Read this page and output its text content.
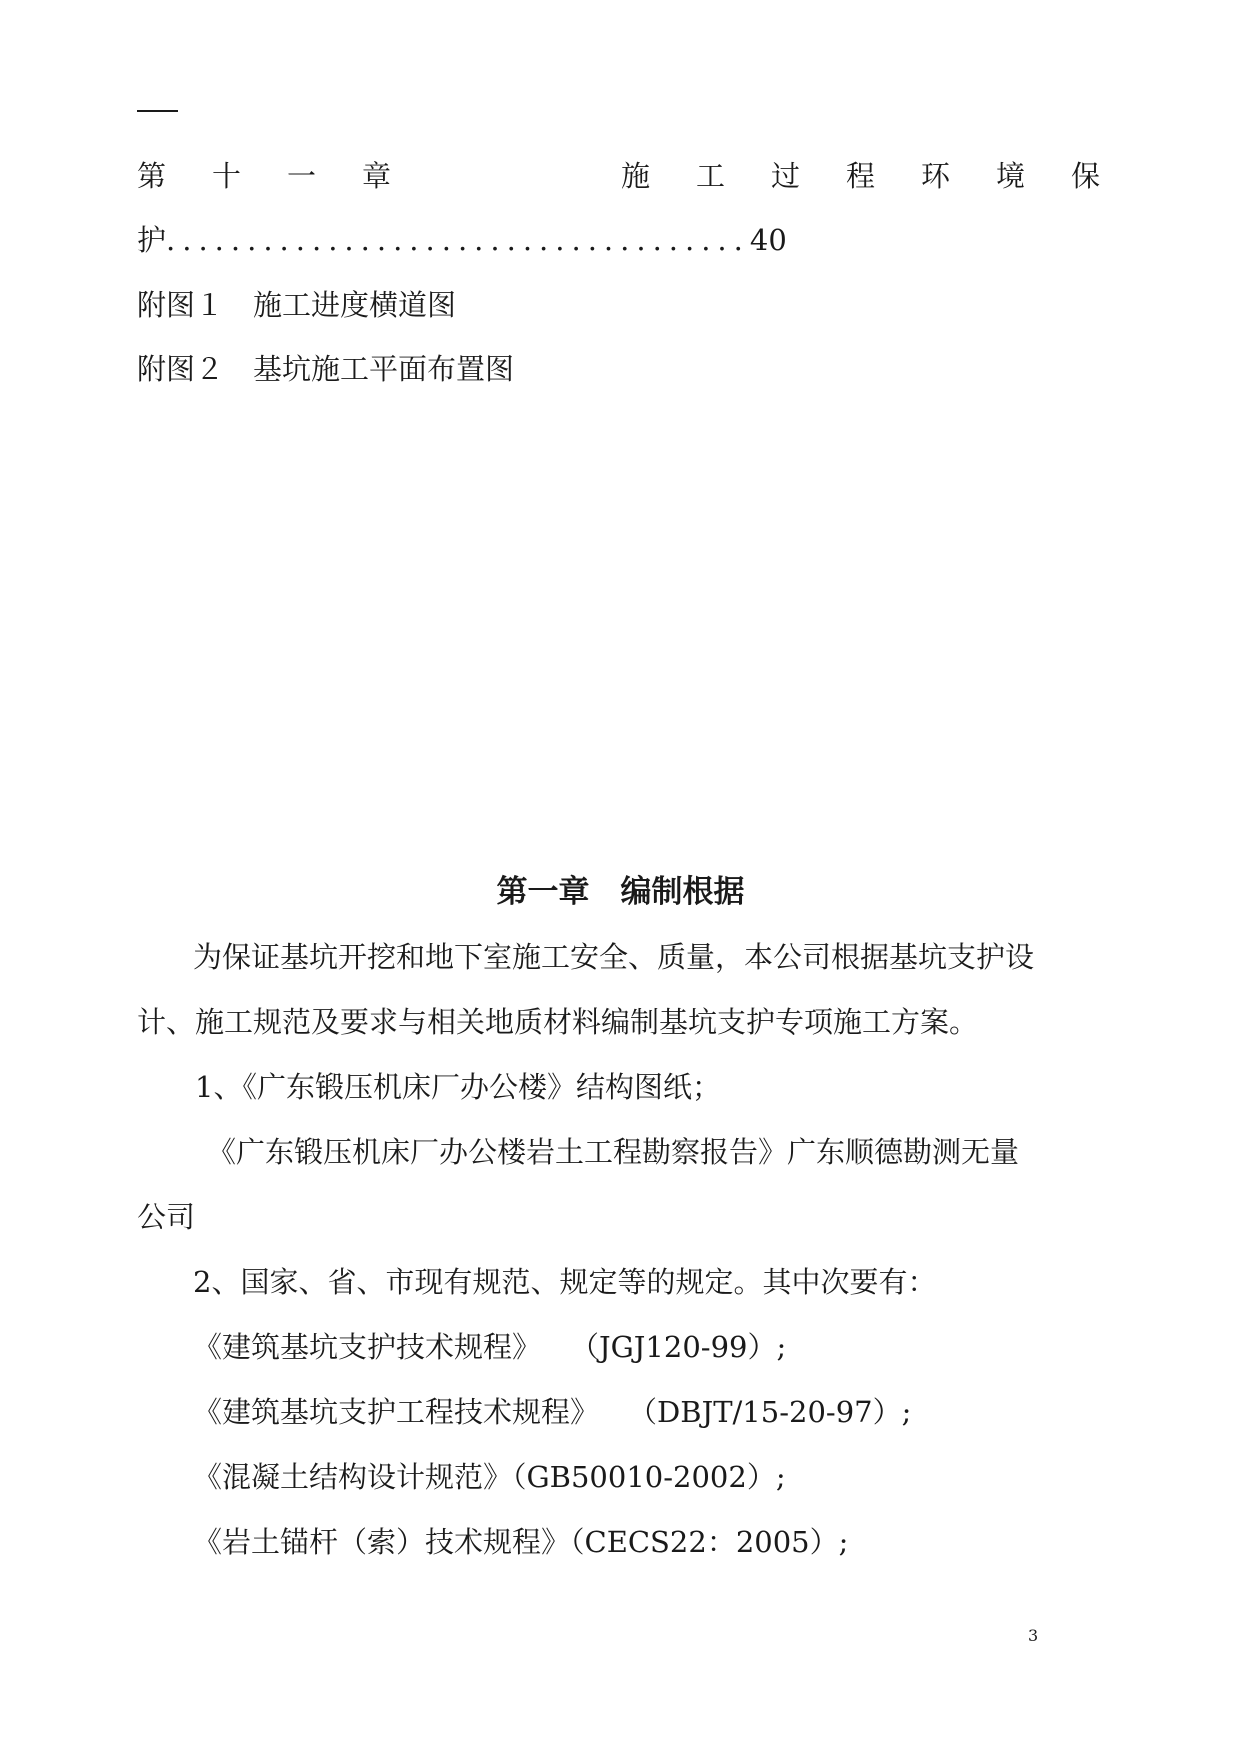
第 十 一 章	施 工 过 程 环 境 保
护....................................40
附图１　施工进度横道图
附图２　基坑施工平面布置图
第一章　编制根据
为保证基坑开挖和地下室施工安全、质量，本公司根据基坑支护设
计、施工规范及要求与相关地质材料编制基坑支护专项施工方案。
1、《广东锻压机床厂办公楼》结构图纸；
《广东锻压机床厂办公楼岩土工程勘察报告》广东顺德勘测无量
公司
2、国家、省、市现有规范、规定等的规定。其中次要有：
《建筑基坑支护技术规程》　　（JGJ120-99）;
《建筑基坑支护工程技术规程》　　（DBJT/15-20-97）;
《混凝土结构设计规范》（GB50010-2002）;
《岩土锚杆（索）技术规程》（CECS22：2005）;
3
